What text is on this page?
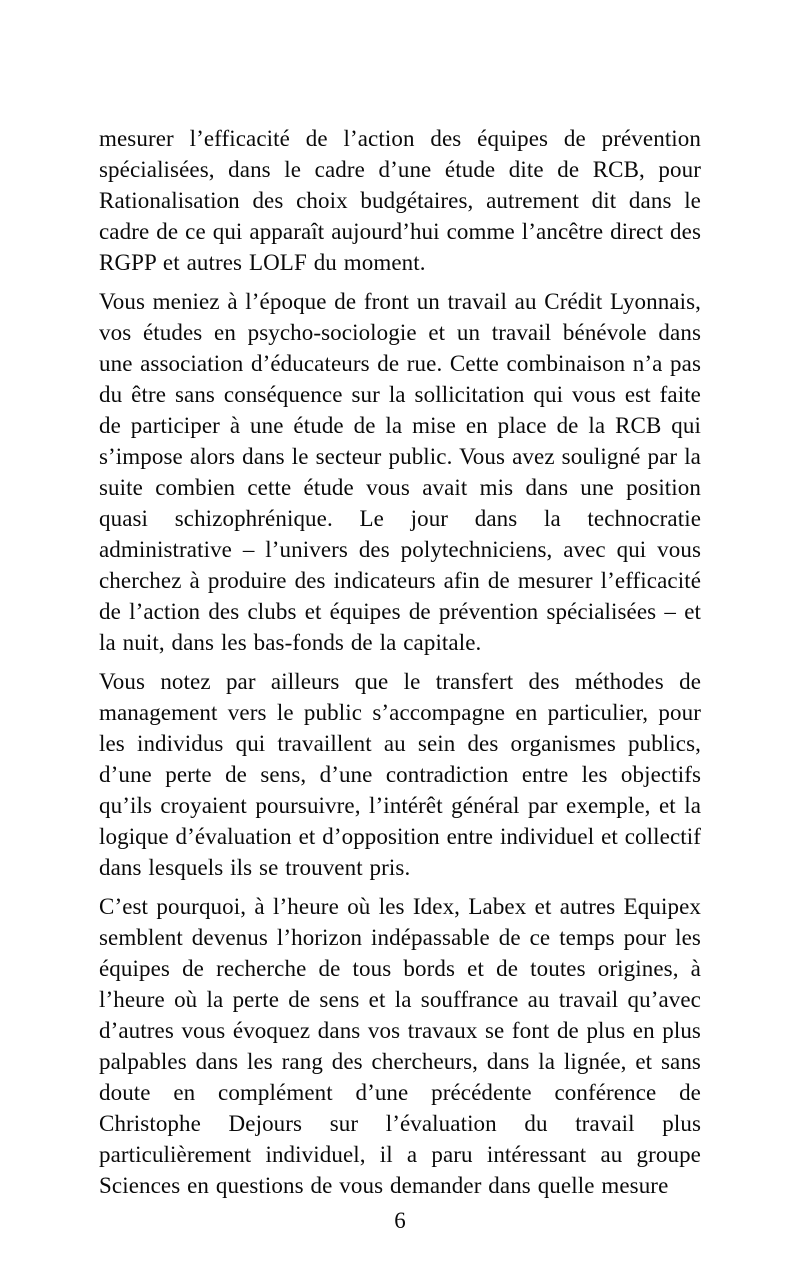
mesurer l’efficacité de l’action des équipes de prévention spécialisées, dans le cadre d’une étude dite de RCB, pour Rationalisation des choix budgétaires, autrement dit dans le cadre de ce qui apparaît aujourd’hui comme l’ancêtre direct des RGPP et autres LOLF du moment.

Vous meniez à l’époque de front un travail au Crédit Lyonnais, vos études en psycho-sociologie et un travail bénévole dans une association d’éducateurs de rue. Cette combinaison n’a pas du être sans conséquence sur la sollicitation qui vous est faite de participer à une étude de la mise en place de la RCB qui s’impose alors dans le secteur public. Vous avez souligné par la suite combien cette étude vous avait mis dans une position quasi schizophrénique. Le jour dans la technocratie administrative – l’univers des polytechniciens, avec qui vous cherchez à produire des indicateurs afin de mesurer l’efficacité de l’action des clubs et équipes de prévention spécialisées – et la nuit, dans les bas-fonds de la capitale.

Vous notez par ailleurs que le transfert des méthodes de management vers le public s’accompagne en particulier, pour les individus qui travaillent au sein des organismes publics, d’une perte de sens, d’une contradiction entre les objectifs qu’ils croyaient poursuivre, l’intérêt général par exemple, et la logique d’évaluation et d’opposition entre individuel et collectif dans lesquels ils se trouvent pris.

C’est pourquoi, à l’heure où les Idex, Labex et autres Equipex semblent devenus l’horizon indépassable de ce temps pour les équipes de recherche de tous bords et de toutes origines, à l’heure où la perte de sens et la souffrance au travail qu’avec d’autres vous évoquez dans vos travaux se font de plus en plus palpables dans les rang des chercheurs, dans la lignée, et sans doute en complément d’une précédente conférence de Christophe Dejours sur l’évaluation du travail plus particulièrement individuel, il a paru intéressant au groupe Sciences en questions de vous demander dans quelle mesure

6
